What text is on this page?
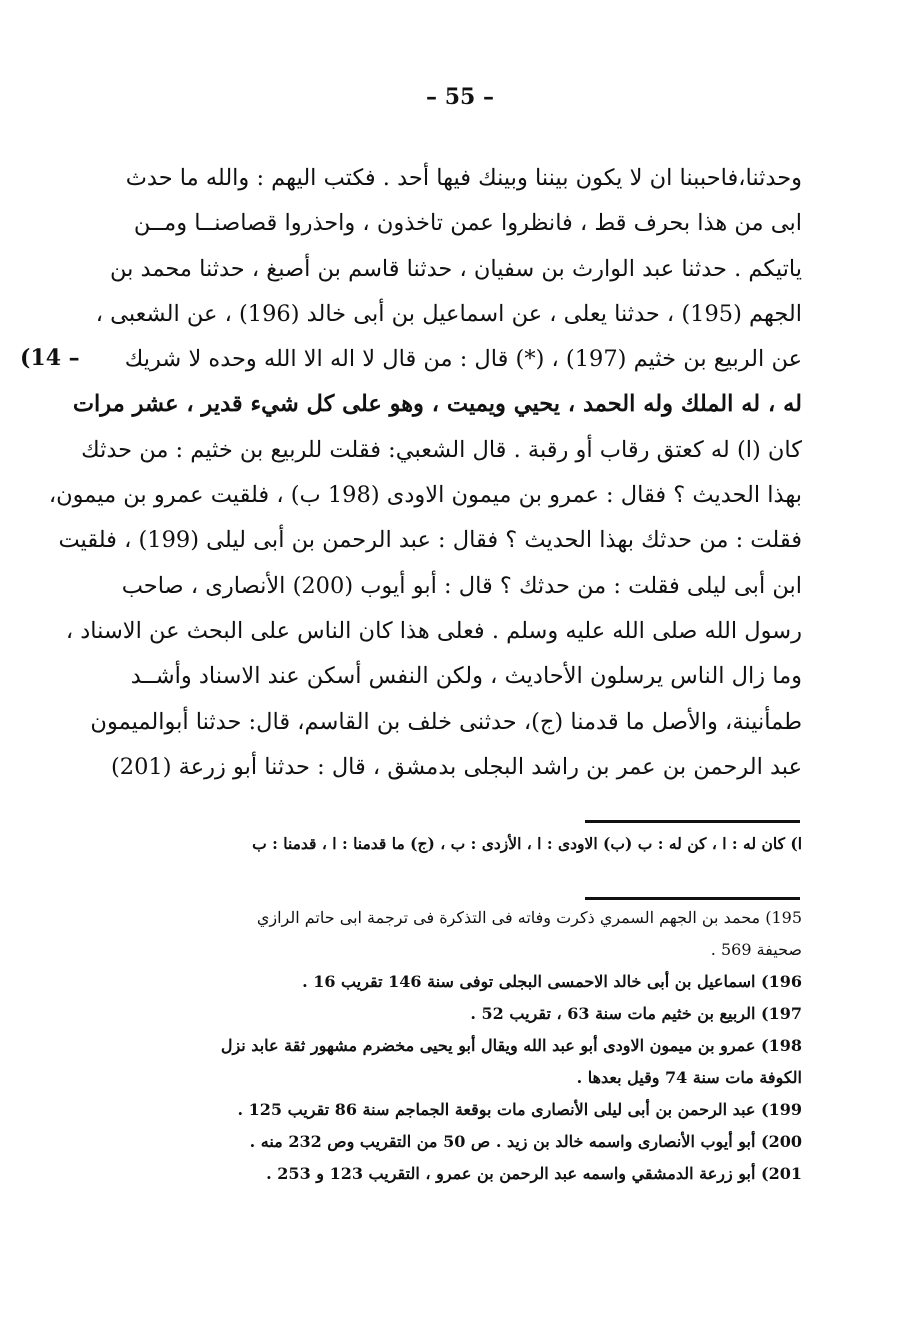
– 55 –
(14 –
وحدثنا،فاحببنا ان لا يكون بيننا وبينك فيها أحد . فكتب اليهم : والله ما حدث
ابى من هذا بحرف قط ، فانظروا عمن تاخذون ، واحذروا قصاصنــا ومــن
ياتيكم . حدثنا عبد الوارث بن سفيان ، حدثنا قاسم بن أصبغ ، حدثنا محمد بن
الجهم (195) ، حدثنا يعلى ، عن اسماعيل بن أبى خالد (196) ، عن الشعبى ،
عن الربيع بن خثيم (197) ، (*) قال : من قال لا اله الا الله وحده لا شريك
له ، له الملك وله الحمد ، يحيي ويميت ، وهو على كل شيء قدير ، عشر مرات
كان (ا) له كعتق رقاب أو رقبة . قال الشعبي: فقلت للربيع بن خثيم : من حدثك
بهذا الحديث ؟ فقال : عمرو بن ميمون الاودى (198 ب) ، فلقيت عمرو بن ميمون،
فقلت : من حدثك بهذا الحديث ؟ فقال : عبد الرحمن بن أبى ليلى (199) ، فلقيت
ابن أبى ليلى فقلت : من حدثك ؟ قال : أبو أيوب (200) الأنصارى ، صاحب
رسول الله صلى الله عليه وسلم . فعلى هذا كان الناس على البحث عن الاسناد ،
وما زال الناس يرسلون الأحاديث ، ولكن النفس أسكن عند الاسناد وأشــد
طمأنينة، والأصل ما قدمنا (ج)، حدثنى خلف بن القاسم، قال: حدثنا أبوالميمون
عبد الرحمن بن عمر بن راشد البجلى بدمشق ، قال : حدثنا أبو زرعة (201)
ا) كان له : ا ، كن له : ب (ب) الاودى : ا ، الأزدى : ب ، (ج) ما قدمنا : ا ، قدمنا : ب
195) محمد بن الجهم السمري ذكرت وفاته فى التذكرة فى ترجمة ابى حاتم الرازي
صحيفة 569 .
196) اسماعيل بن أبى خالد الاحمسى البجلى توفى سنة 146 تقريب 16 .
197) الربيع بن خثيم مات سنة 63 ، تقريب 52 .
198) عمرو بن ميمون الاودى أبو عبد الله ويقال أبو يحيى مخضرم مشهور ثقة عابد نزل
الكوفة مات سنة 74 وقيل بعدها .
199) عبد الرحمن بن أبى ليلى الأنصارى مات بوقعة الجماجم سنة 86 تقريب 125 .
200) أبو أيوب الأنصارى واسمه خالد بن زيد . ص 50 من التقريب وص 232 منه .
201) أبو زرعة الدمشقي واسمه عبد الرحمن بن عمرو ، التقريب 123 و 253 .
